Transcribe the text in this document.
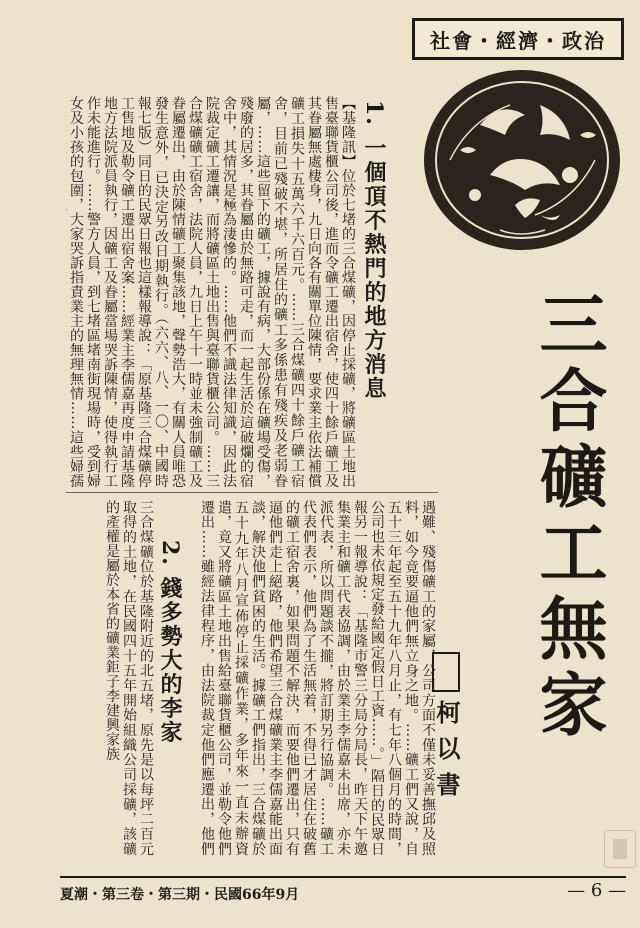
社會・經濟・政治
三合礦工無家
柯以書
1. 一個頂不熱門的地方消息
【基隆訊】位於七堵的三合煤礦，因停止採礦，將礦區土地出售臺聯貨櫃公司後，進而令礦工遷出宿舍，使四十餘戶礦工及其眷屬無處棲身，九日向各有關單位陳情，要求業主依法補償礦工損失十五萬六千六百元。……三合煤礦四十餘戶礦工宿舍，目前已殘破不堪，所居住的礦工多係患有殘疾及老弱眷屬，……這些留下的礦工，據說有病，大部份係在礦場受傷，殘廢的居多，其眷屬由於無路可走，而一起生活於這破爛的宿舍中，其情況是極為淒慘的。……他們不識法律知識，因此法院裁定礦工遷讓，而將礦區土地出售與臺聯貨櫃公司。……三合煤礦礦工宿舍，法院人員，九日上午十一時並未強制礦工及眷屬遷出，由於陳情礦工聚集該地，聲勢浩大，有關人員唯恐發生意外，已決定另改日期執行。（六六、八、一〇、中國時報七版）同日的民眾日報也這樣報導說：「原基隆三合煤礦停工售地及勒令礦工遷出宿舍案……經業主李儒嘉再度申請基隆地方法院派員執行，因礦工及眷屬當場哭訴陳情，使得執行工作未能進行。……警方人員，到七堵區堵南街現場時，受到婦女及小孩的包圍，大家哭訴指責業主的無理無情……這些婦孺
遇難、殘傷礦工的家屬，公司方面不僅未妥善撫邱及照料，如今竟要逼他們無立身之地。……礦工們又說，自五十三年起至五十九年八月止，有七年八個月的時間，公司也未依規定發給國定假日工資……。」隔日的民眾日報另一報導說：「基隆市警三分局分局長，昨天下午邀集業主和礦工代表協調，由於業主李儒嘉未出席，亦未派代表，所以問題談不攏，將訂期另行協調。……礦工代表們表示，他們為了生活無着，不得已才居住在破舊的礦工宿舍裏，如果問題不解決，而要他們遷出，只有逼他們走上絕路，他們希望三合煤礦業主李儒嘉能出面談，解決他們貧困的生活。據礦工們指出，三合煤礦於五十九年八月宣佈停止採礦作業，多年來一直未辦資遣，竟又將礦區土地出售給臺聯貨櫃公司，並勒令他們遷出……雖經法律程序，由法院裁定他們應遷出，他們
2. 錢多勢大的李家
三合煤礦位於基隆附近的北五堵，原先是以每坪二百元取得的土地，在民國四十五年開始組織公司採礦，該礦的產權是屬於本省的礦業鉅子李建興家族
夏潮・第三卷・第三期・民國66年9月	— 6 —
